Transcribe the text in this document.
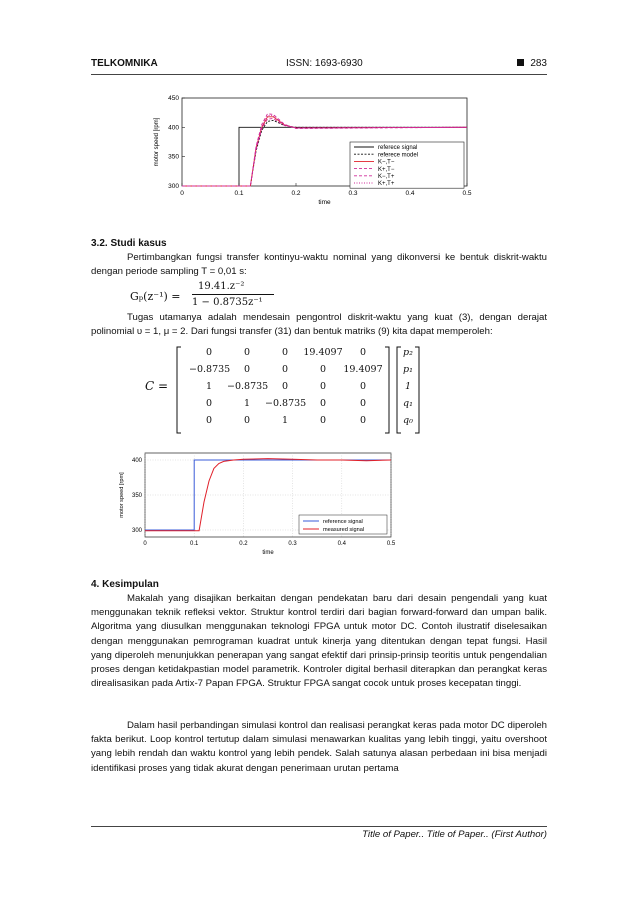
TELKOMNIKA	ISSN: 1693-6930	283
0	0.1	0.2	0.3	0.4	0.5
300
350
400
450
time
motor speed [rpm]	referece signal
referece model
K−,T−
K+,T−
K−,T+
K+,T+
3.2. Studi kasus
Pertimbangkan fungsi transfer kontinyu-waktu nominal yang dikonversi ke bentuk diskrit-waktu dengan periode sampling T = 0,01 s:
Gₚ(z⁻¹) =
19.41.z⁻²
1 − 0.8735z⁻¹
Tugas utamanya adalah mendesain pengontrol diskrit-waktu yang kuat (3), dengan derajat polinomial υ = 1, μ = 2. Dari fungsi transfer (31) dan bentuk matriks (9) kita dapat memperoleh:
C =
0	0	0	19.4097	0
−0.8735	0	0	0	19.4097
1	−0.8735	0	0	0
0	1	−0.8735	0	0
0	0	1	0	0
p₂
p₁
1
q₁
q₀
0	0.1	0.2	0.3	0.4	0.5
300
350
400
time
motor speed [rpm]
reference signal
measured signal
4. Kesimpulan
Makalah yang disajikan berkaitan dengan pendekatan baru dari desain pengendali yang kuat menggunakan teknik refleksi vektor. Struktur kontrol terdiri dari bagian forward-forward dan umpan balik. Algoritma yang diusulkan menggunakan teknologi FPGA untuk motor DC. Contoh ilustratif diselesaikan dengan menggunakan pemrograman kuadrat untuk kinerja yang ditentukan dengan tepat fungsi. Hasil yang diperoleh menunjukkan penerapan yang sangat efektif dari prinsip-prinsip teoritis untuk pengendalian proses dengan ketidakpastian model parametrik. Kontroler digital berhasil diterapkan dan perangkat keras direalisasikan pada Artix-7 Papan FPGA. Struktur FPGA sangat cocok untuk proses kecepatan tinggi.
Dalam hasil perbandingan simulasi kontrol dan realisasi perangkat keras pada motor DC diperoleh fakta berikut. Loop kontrol tertutup dalam simulasi menawarkan kualitas yang lebih tinggi, yaitu overshoot yang lebih rendah dan waktu kontrol yang lebih pendek. Salah satunya alasan perbedaan ini bisa menjadi identifikasi proses yang tidak akurat dengan penerimaan urutan pertama
Title of Paper.. Title of Paper.. (First Author)
